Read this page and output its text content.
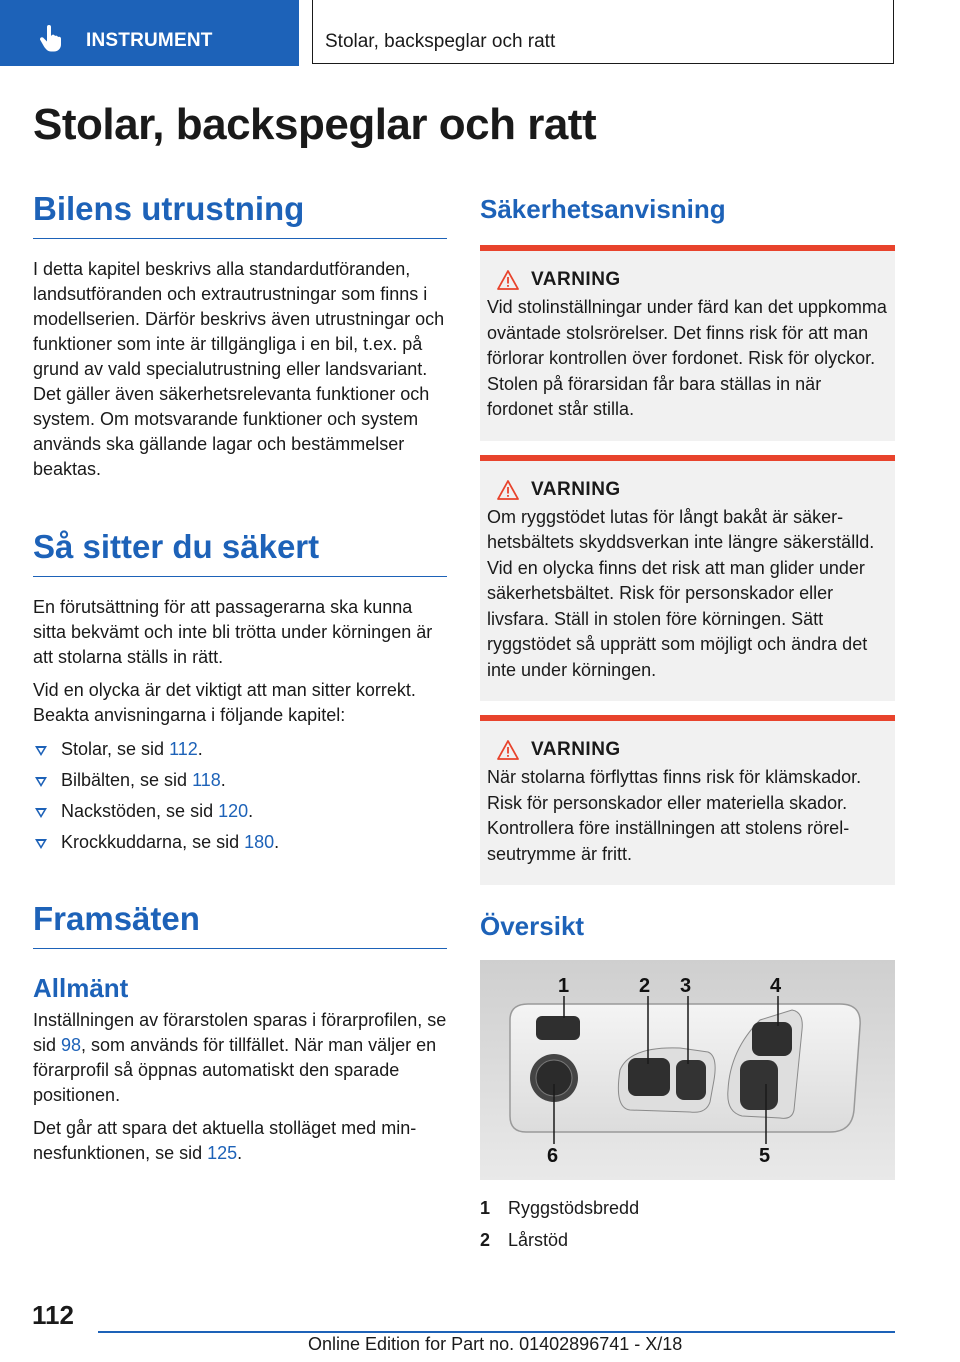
INSTRUMENT	Stolar, backspeglar och ratt
Stolar, backspeglar och ratt
Bilens utrustning

I detta kapitel beskrivs alla standardutföranden, landsutföranden och extrautrustningar som finns i modellserien. Därför beskrivs även utrustningar och funktioner som inte är tillgängliga i en bil, t.ex. på grund av vald specialutrustning eller landsvariant. Det gäller även säkerhetsrelevanta funktioner och system. Om motsvarande funktioner och system används ska gällande lagar och bestämmelser beaktas.

Så sitter du säkert

En förutsättning för att passagerarna ska kunna sitta bekvämt och inte bli trötta under körningen är att stolarna ställs in rätt.

Vid en olycka är det viktigt att man sitter korrekt. Beakta anvisningarna i följande kapitel:

Stolar, se sid 112.
Bilbälten, se sid 118.
Nackstöden, se sid 120.
Krockkuddarna, se sid 180.
Framsäten
Allmänt

Inställningen av förarstolen sparas i förarprofilen, se sid 98, som används för tillfället. När man väljer en förarprofil så öppnas automatiskt den sparade positionen.

Det går att spara det aktuella stolläget med minnesfunktionen, se sid 125.

Säkerhetsanvisning
VARNING

Vid stolinställningar under färd kan det uppkomma oväntade stolsrörelser. Det finns risk för att man förlorar kontrollen över fordonet. Risk för olyckor. Stolen på förarsidan får bara ställas in när fordonet står stilla.

VARNING

Om ryggstödet lutas för långt bakåt är säkerhetsbältets skyddsverkan inte längre säkerställd. Vid en olycka finns det risk att man glider under säkerhetsbältet. Risk för personskador eller livsfara. Ställ in stolen före körningen. Sätt ryggstödet så upprätt som möjligt och ändra det inte under körningen.

VARNING

När stolarna förflyttas finns risk för klämskador. Risk för personskador eller materiella skador. Kontrollera före inställningen att stolens rörelseutrymme är fritt.

Översikt
1	2 3	4
5
6
1 Ryggstödsbredd
2 Lårstöd
112
Online Edition for Part no. 01402896741 - X/18
